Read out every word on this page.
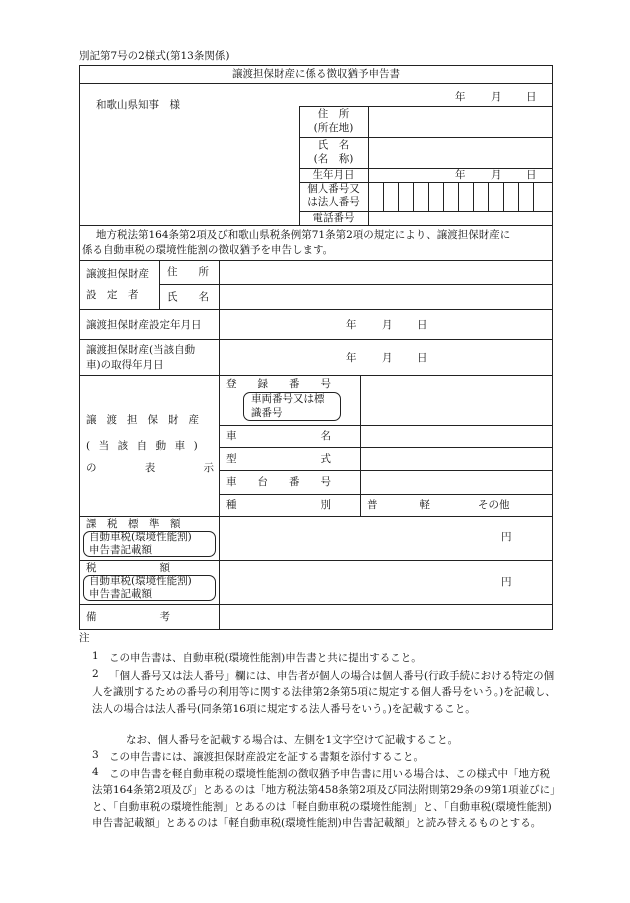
別記第7号の2様式(第13条関係)
譲渡担保財産に係る徴収猶予申告書
年 月 日
和歌山県知事　様
住　所
(所在地)
氏　名
(名　称)
生年月日	年 月 日
個人番号又
は法人番号
電話番号
地方税法第164条第2項及び和歌山県税条例第71条第2項の規定により、譲渡担保財産に
係る自動車税の環境性能割の徴収猶予を申告します。
譲渡担保財産
設　定　者
住　　所
氏　　名
譲渡担保財産設定年月日	年 月 日
譲渡担保財産(当該自動
車)の取得年月日
年 月 日
譲渡担保財産
(当該自動車)
の	表	示
登　　録　　番　　号
車両番号又は標
識番号
車　　　　　　　　名
型　　　　　　　　式
車　　台　　番　　号
種　　　　　　　　別	普　　　　軽	その他
課　税　標　準　額
自動車税(環境性能割)
申告書記載額
円
税　　　　　　額
自動車税(環境性能割)
申告書記載額
円
備　　　　　　考
注
1 この申告書は、自動車税(環境性能割)申告書と共に提出すること。
2 「個人番号又は法人番号」欄には、申告者が個人の場合は個人番号(行政手続における特定の個人を識別するための番号の利用等に関する法律第2条第5項に規定する個人番号をいう。)を記載し、法人の場合は法人番号(同条第16項に規定する法人番号をいう。)を記載すること。
なお、個人番号を記載する場合は、左側を1文字空けて記載すること。
3 この申告書には、譲渡担保財産設定を証する書類を添付すること。
4 この申告書を軽自動車税の環境性能割の徴収猶予申告書に用いる場合は、この様式中「地方税法第164条第2項及び」とあるのは「地方税法第458条第2項及び同法附則第29条の9第1項並びに」と、「自動車税の環境性能割」とあるのは「軽自動車税の環境性能割」と、「自動車税(環境性能割)申告書記載額」とあるのは「軽自動車税(環境性能割)申告書記載額」と読み替えるものとする。
